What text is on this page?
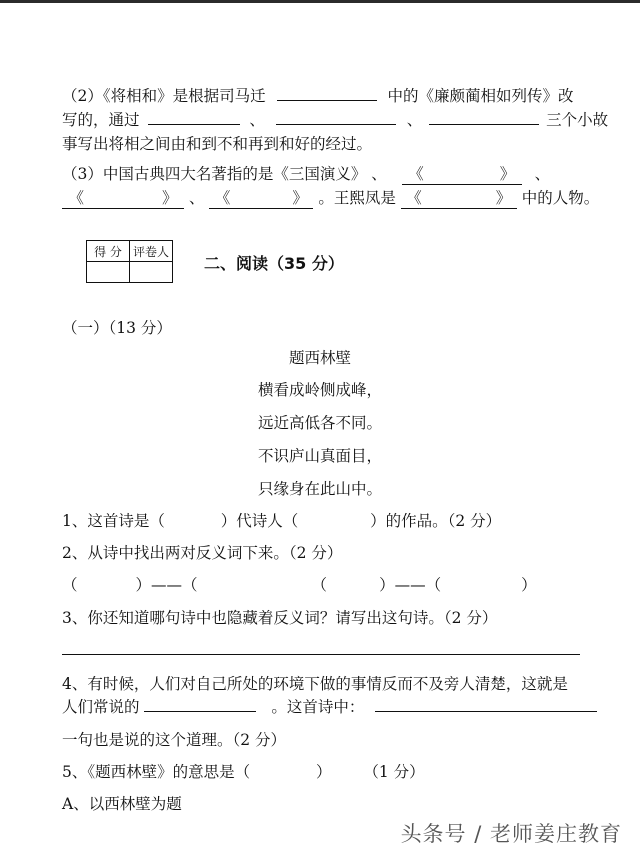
（2）《将相和》是根据司马迁	中的《廉颇蔺相如列传》改
写的，通过	、	、	三个小故
事写出将相之间由和到不和再到和好的经过。
（3）中国古典四大名著指的是《三国演义》 、 《	》 、
《	》 、 《	》 。王熙凤是 《	》 中的人物。
得 分	评卷人

二、阅读（35 分）
（一）（13 分）
题西林壁
横看成岭侧成峰，
远近高低各不同。
不识庐山真面目，
只缘身在此山中。
1、这首诗是（	）代诗人（	）的作品。（2 分）
2、从诗中找出两对反义词下来。（2 分）
（	）——（	（	）——（	）
3、你还知道哪句诗中也隐藏着反义词？请写出这句诗。（2 分）
4、有时候，人们对自己所处的环境下做的事情反而不及旁人清楚，这就是
人们常说的	。这首诗中：
一句也是说的这个道理。（2 分）
5、《题西林壁》的意思是（	） （1 分）
A、以西林壁为题
头条号 / 老师姜庄教育
